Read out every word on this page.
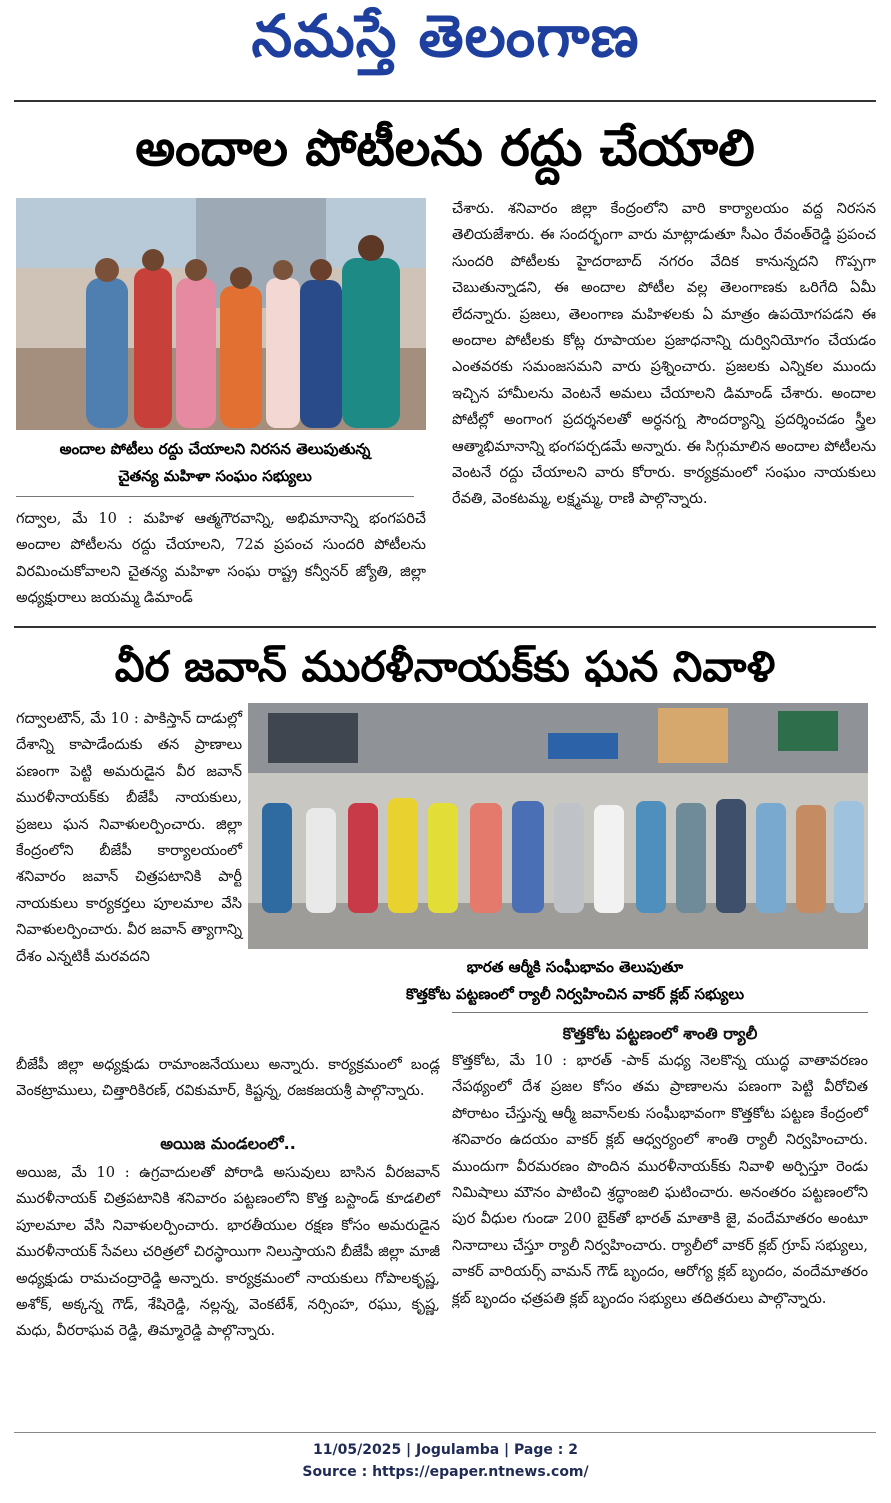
నమస్తే తెలంగాణ
అందాల పోటీలను రద్దు చేయాలి
అందాల పోటీలు రద్దు చేయాలని నిరసన తెలుపుతున్న
చైతన్య మహిళా సంఘం సభ్యులు

గద్వాల, మే 10 : మహిళ ఆత్మగౌరవాన్ని, అభిమానాన్ని భంగపరిచే అందాల పోటీలను రద్దు చేయాలని, 72వ ప్రపంచ సుందరి పోటీలను విరమించుకోవాలని చైతన్య మహిళా సంఘ రాష్ట్ర కన్వీనర్ జ్యోతి, జిల్లా అధ్యక్షురాలు జయమ్మ డిమాండ్

చేశారు. శనివారం జిల్లా కేంద్రంలోని వారి కార్యాలయం వద్ద నిరసన తెలియజేశారు. ఈ సందర్భంగా వారు మాట్లాడుతూ సీఎం రేవంత్‌రెడ్డి ప్రపంచ సుందరి పోటీలకు హైదరాబాద్ నగరం వేదిక కానున్నదని గొప్పగా చెబుతున్నాడని, ఈ అందాల పోటీల వల్ల తెలంగాణకు ఒరిగేది ఏమీ లేదన్నారు. ప్రజలు, తెలంగాణ మహిళలకు ఏ మాత్రం ఉపయోగపడని ఈ అందాల పోటీలకు కోట్ల రూపాయల ప్రజాధనాన్ని దుర్వినియోగం చేయడం ఎంతవరకు సమంజసమని వారు ప్రశ్నించారు. ప్రజలకు ఎన్నికల ముందు ఇచ్చిన హామీలను వెంటనే అమలు చేయాలని డిమాండ్ చేశారు. అందాల పోటీల్లో అంగాంగ ప్రదర్శనలతో అర్ధనగ్న సౌందర్యాన్ని ప్రదర్శించడం స్త్రీల ఆత్మాభిమానాన్ని భంగపర్చడమే అన్నారు. ఈ సిగ్గుమాలిన అందాల పోటీలను వెంటనే రద్దు చేయాలని వారు కోరారు. కార్యక్రమంలో సంఘం నాయకులు రేవతి, వెంకటమ్మ, లక్ష్మమ్మ, రాణి పాల్గొన్నారు.

వీర జవాన్ మురళీనాయక్‌కు ఘన నివాళి

గద్వాలటౌన్, మే 10 : పాకిస్తాన్ దాడుల్లో దేశాన్ని కాపాడేందుకు తన ప్రాణాలు పణంగా పెట్టి అమరుడైన వీర జవాన్ మురళీనాయక్‌కు బీజేపీ నాయకులు, ప్రజలు ఘన నివాళులర్పించారు. జిల్లా కేంద్రంలోని బీజేపీ కార్యాలయంలో శనివారం జవాన్ చిత్రపటానికి పార్టీ నాయకులు కార్యకర్తలు పూలమాల వేసి నివాళులర్పించారు. వీర జవాన్ త్యాగాన్ని దేశం ఎన్నటికీ మరవదని

భారత ఆర్మీకి సంఘీభావం తెలుపుతూ
కొత్తకోట పట్టణంలో ర్యాలీ నిర్వహించిన వాకర్ క్లబ్ సభ్యులు

బీజేపీ జిల్లా అధ్యక్షుడు రామాంజనేయులు అన్నారు. కార్యక్రమంలో బండ్ల వెంకట్రాములు, చిత్తారికిరణ్, రవికుమార్, కిష్టన్న, రజకజయశ్రీ పాల్గొన్నారు.

అయిజ మండలంలో..

అయిజ, మే 10 : ఉగ్రవాదులతో పోరాడి అసువులు బాసిన వీరజవాన్ మురళీనాయక్ చిత్రపటానికి శనివారం పట్టణంలోని కొత్త బస్టాండ్ కూడలిలో పూలమాల వేసి నివాళులర్పించారు. భారతీయుల రక్షణ కోసం అమరుడైన మురళీనాయక్ సేవలు చరిత్రలో చిరస్థాయిగా నిలుస్తాయని బీజేపీ జిల్లా మాజీ అధ్యక్షుడు రామచంద్రారెడ్డి అన్నారు. కార్యక్రమంలో నాయకులు గోపాలకృష్ణ, అశోక్, అక్కన్న గౌడ్, శేషిరెడ్డి, నల్లన్న, వెంకటేశ్, నర్సింహ, రఘు, కృష్ణ, మధు, వీరరాఘవ రెడ్డి, తిమ్మారెడ్డి పాల్గొన్నారు.

కొత్తకోట పట్టణంలో శాంతి ర్యాలీ

కొత్తకోట, మే 10 : భారత్ -పాక్ మధ్య నెలకొన్న యుద్ధ వాతావరణం నేపథ్యంలో దేశ ప్రజల కోసం తమ ప్రాణాలను పణంగా పెట్టి వీరోచిత పోరాటం చేస్తున్న ఆర్మీ జవాన్‌లకు సంఘీభావంగా కొత్తకోట పట్టణ కేంద్రంలో శనివారం ఉదయం వాకర్ క్లబ్ ఆధ్వర్యంలో శాంతి ర్యాలీ నిర్వహించారు. ముందుగా వీరమరణం పొందిన మురళీనాయక్‌కు నివాళి అర్పిస్తూ రెండు నిమిషాలు మౌనం పాటించి శ్రద్ధాంజలి ఘటించారు. అనంతరం పట్టణంలోని పుర వీధుల గుండా 200 బైక్‌తో భారత్ మాతాకి జై, వందేమాతరం అంటూ నినాదాలు చేస్తూ ర్యాలీ నిర్వహించారు. ర్యాలీలో వాకర్ క్లబ్ గ్రూప్ సభ్యులు, వాకర్ వారియర్స్ వామన్ గౌడ్ బృందం, ఆరోగ్య క్లబ్ బృందం, వందేమాతరం క్లబ్ బృందం ఛత్రపతి క్లబ్ బృందం సభ్యులు తదితరులు పాల్గొన్నారు.

11/05/2025 | Jogulamba | Page : 2
Source : https://epaper.ntnews.com/
